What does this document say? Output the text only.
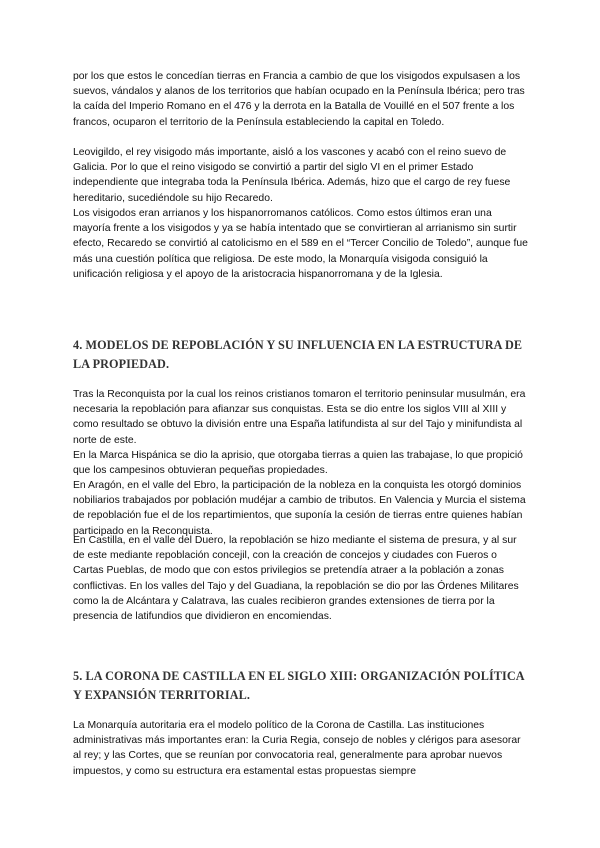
por los que estos le concedían tierras en Francia a cambio de que los visigodos expulsasen a los suevos, vándalos y alanos de los territorios que habían ocupado en la Península Ibérica; pero tras la caída del Imperio Romano en el 476 y la derrota en la Batalla de Vouillé en el 507 frente a los francos, ocuparon el territorio de la Península estableciendo la capital en Toledo.

Leovigildo, el rey visigodo más importante, aisló a los vascones y acabó con el reino suevo de Galicia. Por lo que el reino visigodo se convirtió a partir del siglo VI en el primer Estado independiente que integraba toda la Península Ibérica. Además, hizo que el cargo de rey fuese hereditario, sucediéndole su hijo Recaredo.

Los visigodos eran arrianos y los hispanorromanos católicos. Como estos últimos eran una mayoría frente a los visigodos y ya se había intentado que se convirtieran al arrianismo sin surtir efecto, Recaredo se convirtió al catolicismo en el 589 en el “Tercer Concilio de Toledo”, aunque fue más una cuestión política que religiosa. De este modo, la Monarquía visigoda consiguió la unificación religiosa y el apoyo de la aristocracia hispanorromana y de la Iglesia.

4. MODELOS DE REPOBLACIÓN Y SU INFLUENCIA EN LA ESTRUCTURA DE LA PROPIEDAD.

Tras la Reconquista por la cual los reinos cristianos tomaron el territorio peninsular musulmán, era necesaria la repoblación para afianzar sus conquistas. Esta se dio entre los siglos VIII al XIII y como resultado se obtuvo la división entre una España latifundista al sur del Tajo y minifundista al norte de este.

En la Marca Hispánica se dio la aprisio, que otorgaba tierras a quien las trabajase, lo que propició que los campesinos obtuvieran pequeñas propiedades.

En Aragón, en el valle del Ebro, la participación de la nobleza en la conquista les otorgó dominios nobiliarios trabajados por población mudéjar a cambio de tributos. En Valencia y Murcia el sistema de repoblación fue el de los repartimientos, que suponía la cesión de tierras entre quienes habían participado en la Reconquista.

En Castilla, en el valle del Duero, la repoblación se hizo mediante el sistema de presura, y al sur de este mediante repoblación concejil, con la creación de concejos y ciudades con Fueros o Cartas Pueblas, de modo que con estos privilegios se pretendía atraer a la población a zonas conflictivas. En los valles del Tajo y del Guadiana, la repoblación se dio por las Órdenes Militares como la de Alcántara y Calatrava, las cuales recibieron grandes extensiones de tierra por la presencia de latifundios que dividieron en encomiendas.

5. LA CORONA DE CASTILLA EN EL SIGLO XIII: ORGANIZACIÓN POLÍTICA Y EXPANSIÓN TERRITORIAL.

La Monarquía autoritaria era el modelo político de la Corona de Castilla. Las instituciones administrativas más importantes eran: la Curia Regia, consejo de nobles y clérigos para asesorar al rey; y las Cortes, que se reunían por convocatoria real, generalmente para aprobar nuevos impuestos, y como su estructura era estamental estas propuestas siempre
